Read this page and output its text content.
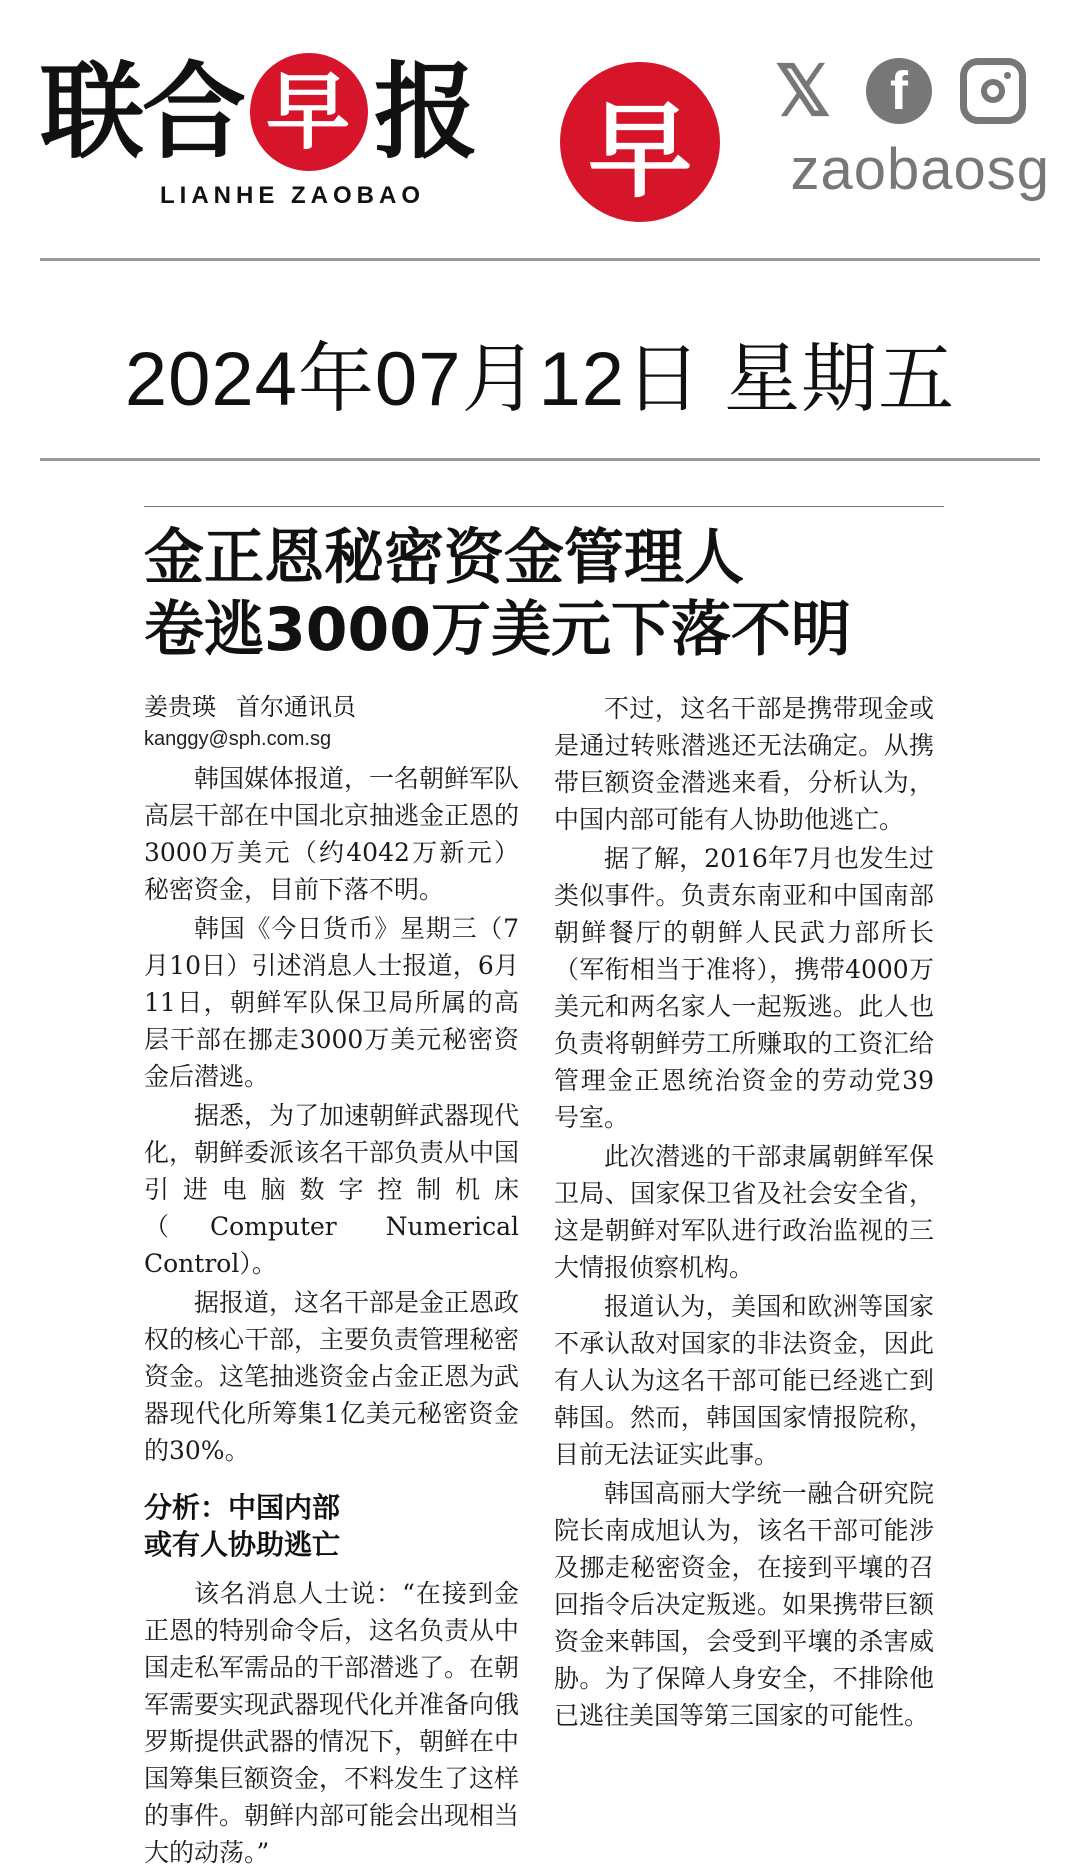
联
合 早 报
LIANHE ZAOBAO 早	𝕏	f
zaobaosg
2024年07月12日 星期五
金正恩秘密资金管理人
卷逃3000万美元下落不明
姜贵瑛 首尔通讯员
kanggy@sph.com.sg

韩国媒体报道，一名朝鲜军队高层干部在中国北京抽逃金正恩的3000万美元（约4042万新元）秘密资金，目前下落不明。

韩国《今日货币》星期三（7月10日）引述消息人士报道，6月11日，朝鲜军队保卫局所属的高层干部在挪走3000万美元秘密资金后潜逃。

据悉，为了加速朝鲜武器现代化，朝鲜委派该名干部负责从中国引进电脑数字控制机床（Computer Numerical Control）。

据报道，这名干部是金正恩政权的核心干部，主要负责管理秘密资金。这笔抽逃资金占金正恩为武器现代化所筹集1亿美元秘密资金的30%。

分析：中国内部
或有人协助逃亡

该名消息人士说：“在接到金正恩的特别命令后，这名负责从中国走私军需品的干部潜逃了。在朝军需要实现武器现代化并准备向俄罗斯提供武器的情况下，朝鲜在中国筹集巨额资金，不料发生了这样的事件。朝鲜内部可能会出现相当大的动荡。”

不过，这名干部是携带现金或是通过转账潜逃还无法确定。从携带巨额资金潜逃来看，分析认为，中国内部可能有人协助他逃亡。

据了解，2016年7月也发生过类似事件。负责东南亚和中国南部朝鲜餐厅的朝鲜人民武力部所长（军衔相当于准将），携带4000万美元和两名家人一起叛逃。此人也负责将朝鲜劳工所赚取的工资汇给管理金正恩统治资金的劳动党39号室。

此次潜逃的干部隶属朝鲜军保卫局、国家保卫省及社会安全省，这是朝鲜对军队进行政治监视的三大情报侦察机构。

报道认为，美国和欧洲等国家不承认敌对国家的非法资金，因此有人认为这名干部可能已经逃亡到韩国。然而，韩国国家情报院称，目前无法证实此事。

韩国高丽大学统一融合研究院院长南成旭认为，该名干部可能涉及挪走秘密资金，在接到平壤的召回指令后决定叛逃。如果携带巨额资金来韩国，会受到平壤的杀害威胁。为了保障人身安全，不排除他已逃往美国等第三国家的可能性。
